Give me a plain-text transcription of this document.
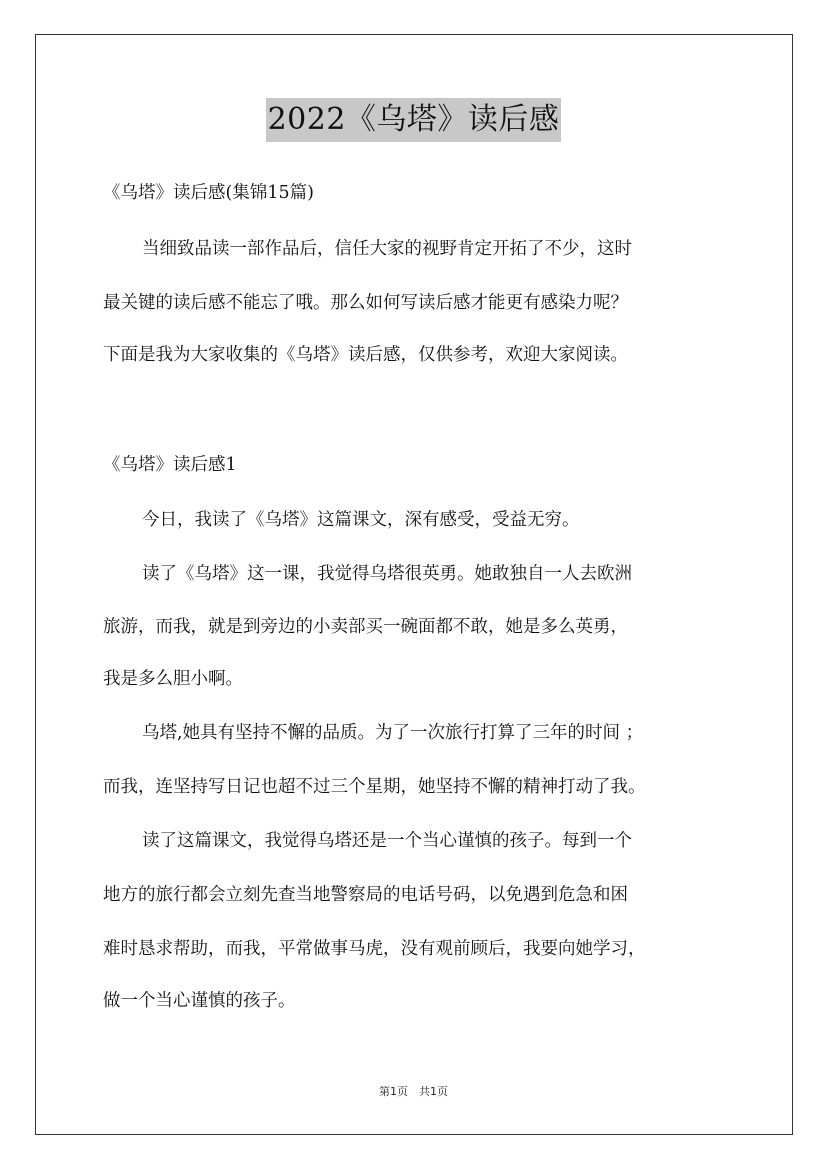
2022《乌塔》读后感
《乌塔》读后感(集锦15篇)
当细致品读一部作品后，信任大家的视野肯定开拓了不少，这时
最关键的读后感不能忘了哦。那么如何写读后感才能更有感染力呢？
下面是我为大家收集的《乌塔》读后感，仅供参考，欢迎大家阅读。
《乌塔》读后感1
今日，我读了《乌塔》这篇课文，深有感受，受益无穷。
读了《乌塔》这一课，我觉得乌塔很英勇。她敢独自一人去欧洲
旅游，而我，就是到旁边的小卖部买一碗面都不敢，她是多么英勇，
我是多么胆小啊。
乌塔,她具有坚持不懈的品质。为了一次旅行打算了三年的时间 ；
而我，连坚持写日记也超不过三个星期，她坚持不懈的精神打动了我。
读了这篇课文，我觉得乌塔还是一个当心谨慎的孩子。每到一个
地方的旅行都会立刻先查当地警察局的电话号码，以免遇到危急和困
难时恳求帮助，而我，平常做事马虎，没有观前顾后，我要向她学习，
做一个当心谨慎的孩子。
第1页　共1页
